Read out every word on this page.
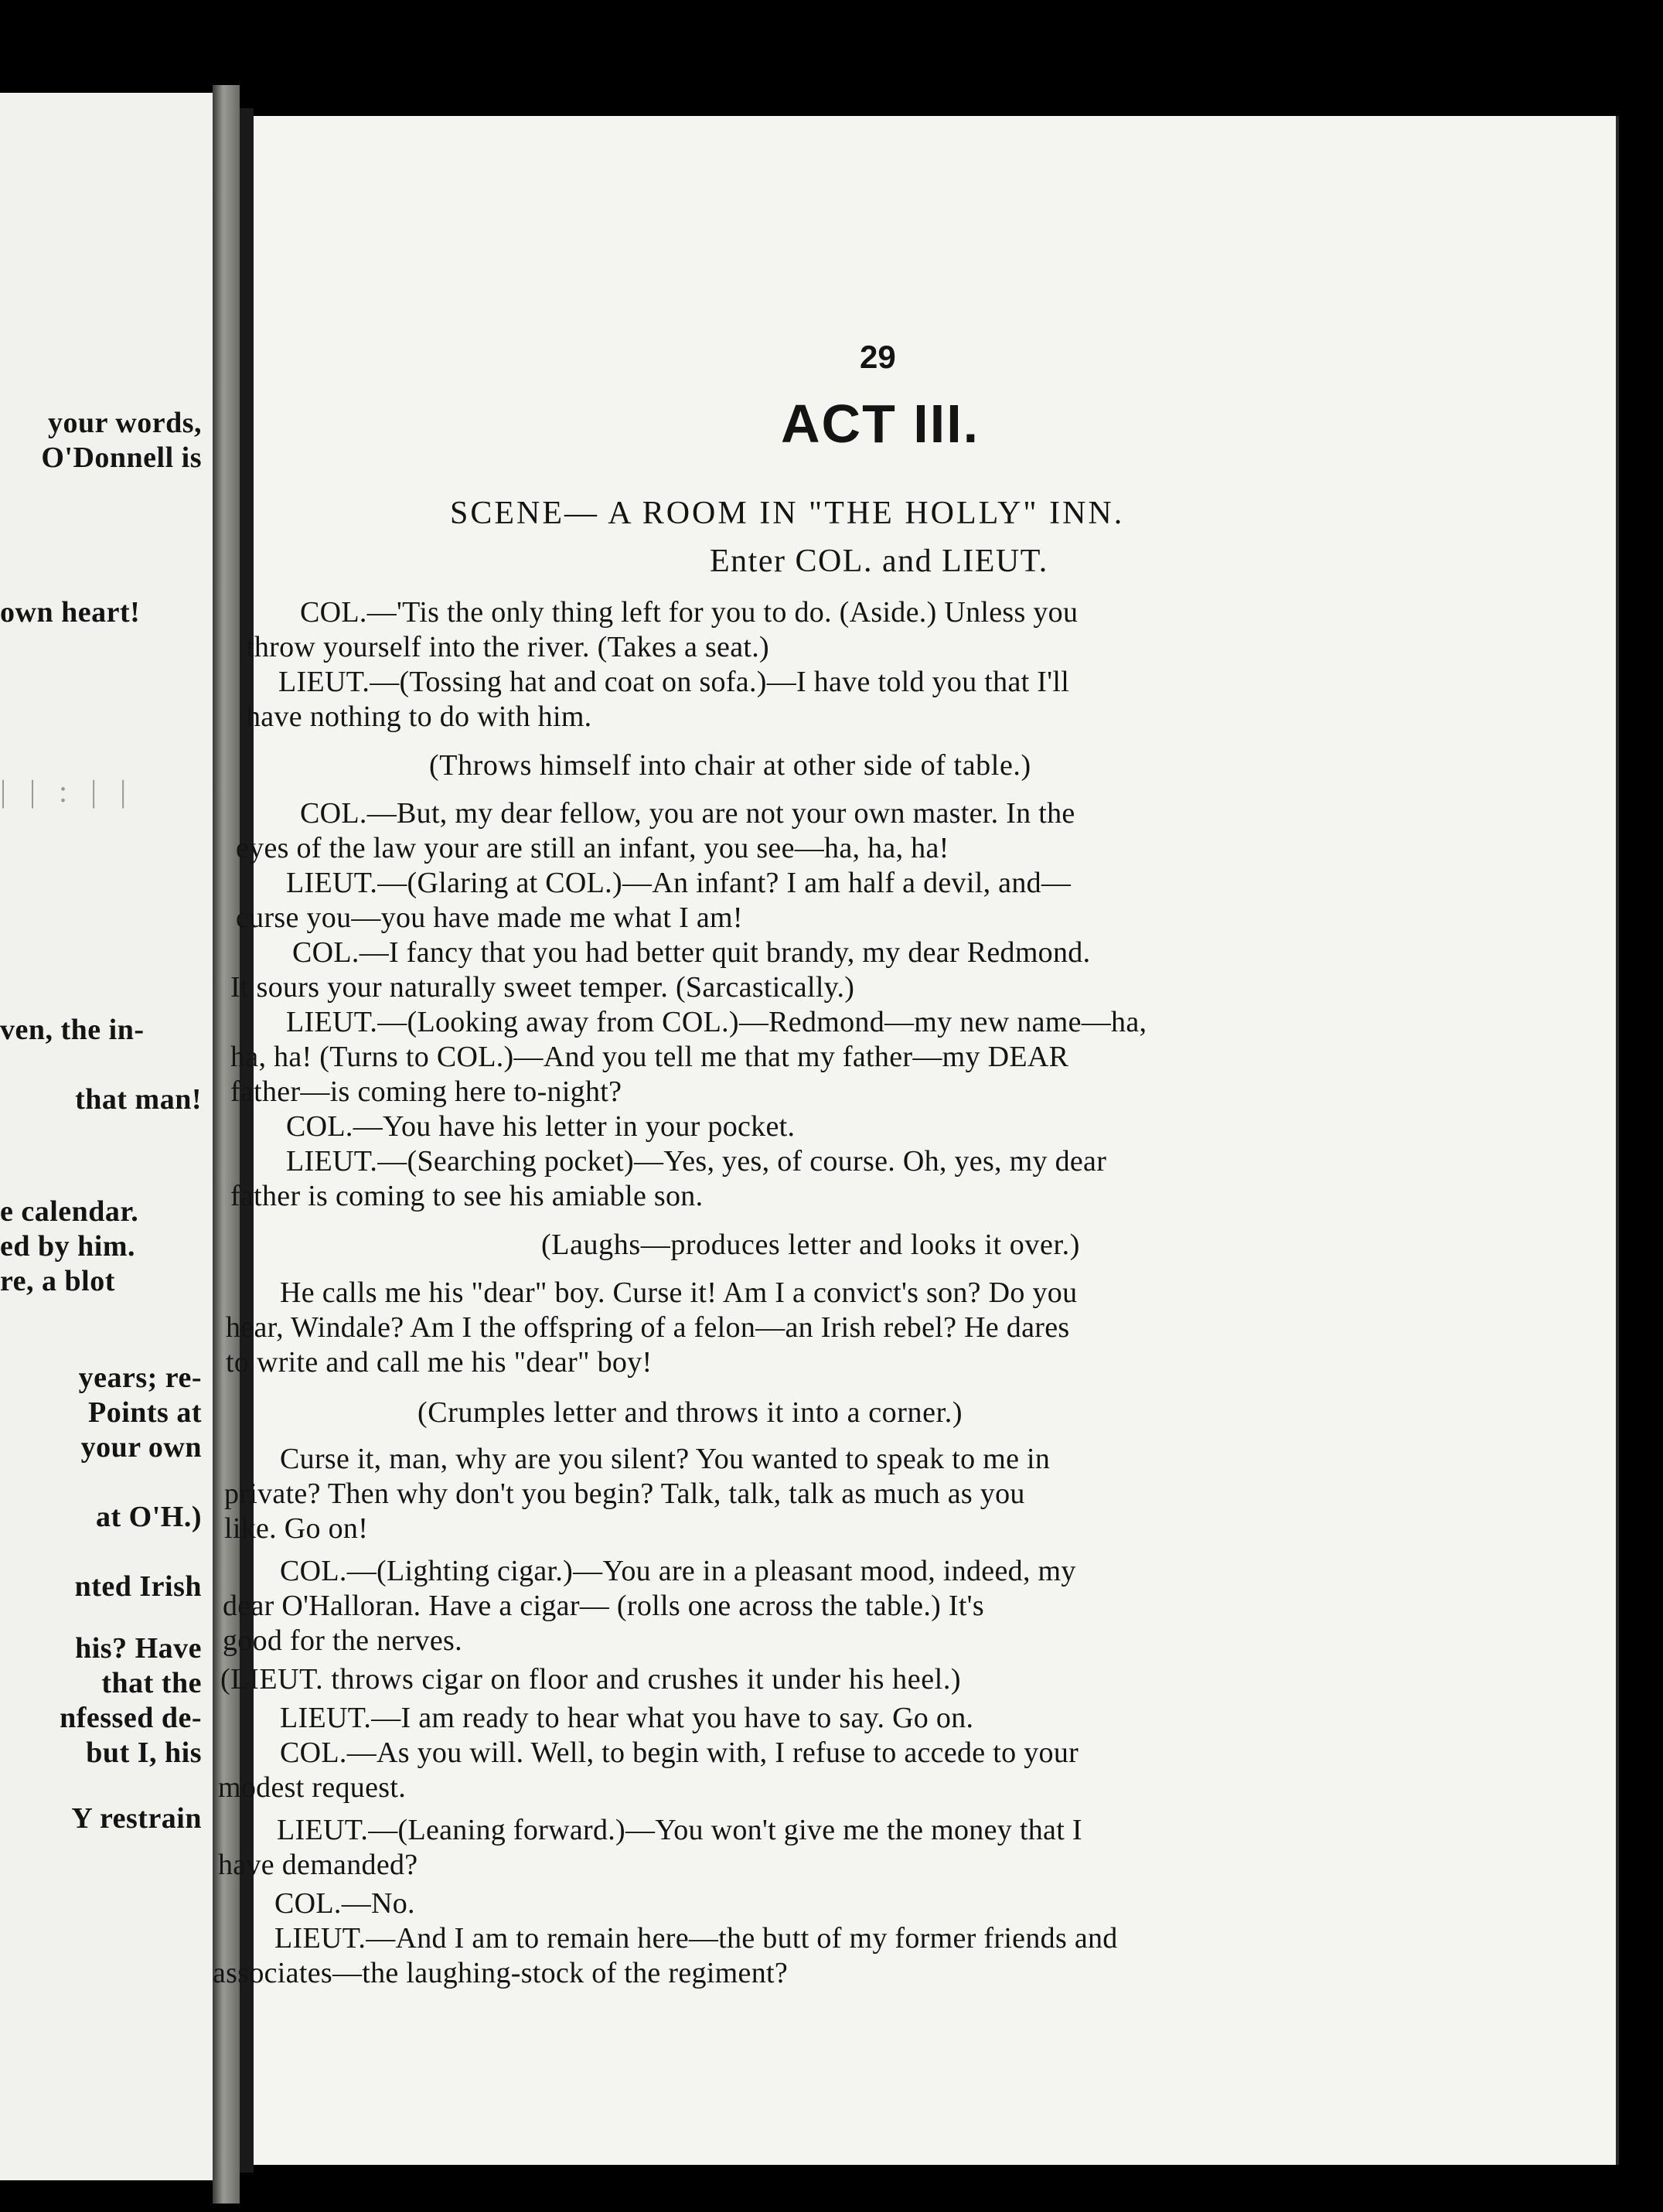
your words,
O'Donnell is
own heart!
| | : | |
ven, the in-
that man!
e calendar.
ed by him.
re, a blot
years; re-
Points at
your own
at O'H.)
nted Irish
his? Have
that the
nfessed de-
but I, his
Y restrain
29
ACT III.
SCENE— A ROOM IN "THE HOLLY" INN.
Enter COL. and LIEUT.
COL.—'Tis the only thing left for you to do. (Aside.) Unless you
throw yourself into the river. (Takes a seat.)
LIEUT.—(Tossing hat and coat on sofa.)—I have told you that I'll
have nothing to do with him.
(Throws himself into chair at other side of table.)
COL.—But, my dear fellow, you are not your own master. In the
eyes of the law your are still an infant, you see—ha, ha, ha!
LIEUT.—(Glaring at COL.)—An infant? I am half a devil, and—
curse you—you have made me what I am!
COL.—I fancy that you had better quit brandy, my dear Redmond.
It sours your naturally sweet temper. (Sarcastically.)
LIEUT.—(Looking away from COL.)—Redmond—my new name—ha,
ha, ha! (Turns to COL.)—And you tell me that my father—my DEAR
father—is coming here to-night?
COL.—You have his letter in your pocket.
LIEUT.—(Searching pocket)—Yes, yes, of course. Oh, yes, my dear
father is coming to see his amiable son.
(Laughs—produces letter and looks it over.)
He calls me his "dear" boy. Curse it! Am I a convict's son? Do you
hear, Windale? Am I the offspring of a felon—an Irish rebel? He dares
to write and call me his "dear" boy!
(Crumples letter and throws it into a corner.)
Curse it, man, why are you silent? You wanted to speak to me in
private? Then why don't you begin? Talk, talk, talk as much as you
like. Go on!
COL.—(Lighting cigar.)—You are in a pleasant mood, indeed, my
dear O'Halloran. Have a cigar— (rolls one across the table.) It's
good for the nerves.
(LIEUT. throws cigar on floor and crushes it under his heel.)
LIEUT.—I am ready to hear what you have to say. Go on.
COL.—As you will. Well, to begin with, I refuse to accede to your
modest request.
LIEUT.—(Leaning forward.)—You won't give me the money that I
have demanded?
COL.—No.
LIEUT.—And I am to remain here—the butt of my former friends and
associates—the laughing-stock of the regiment?
